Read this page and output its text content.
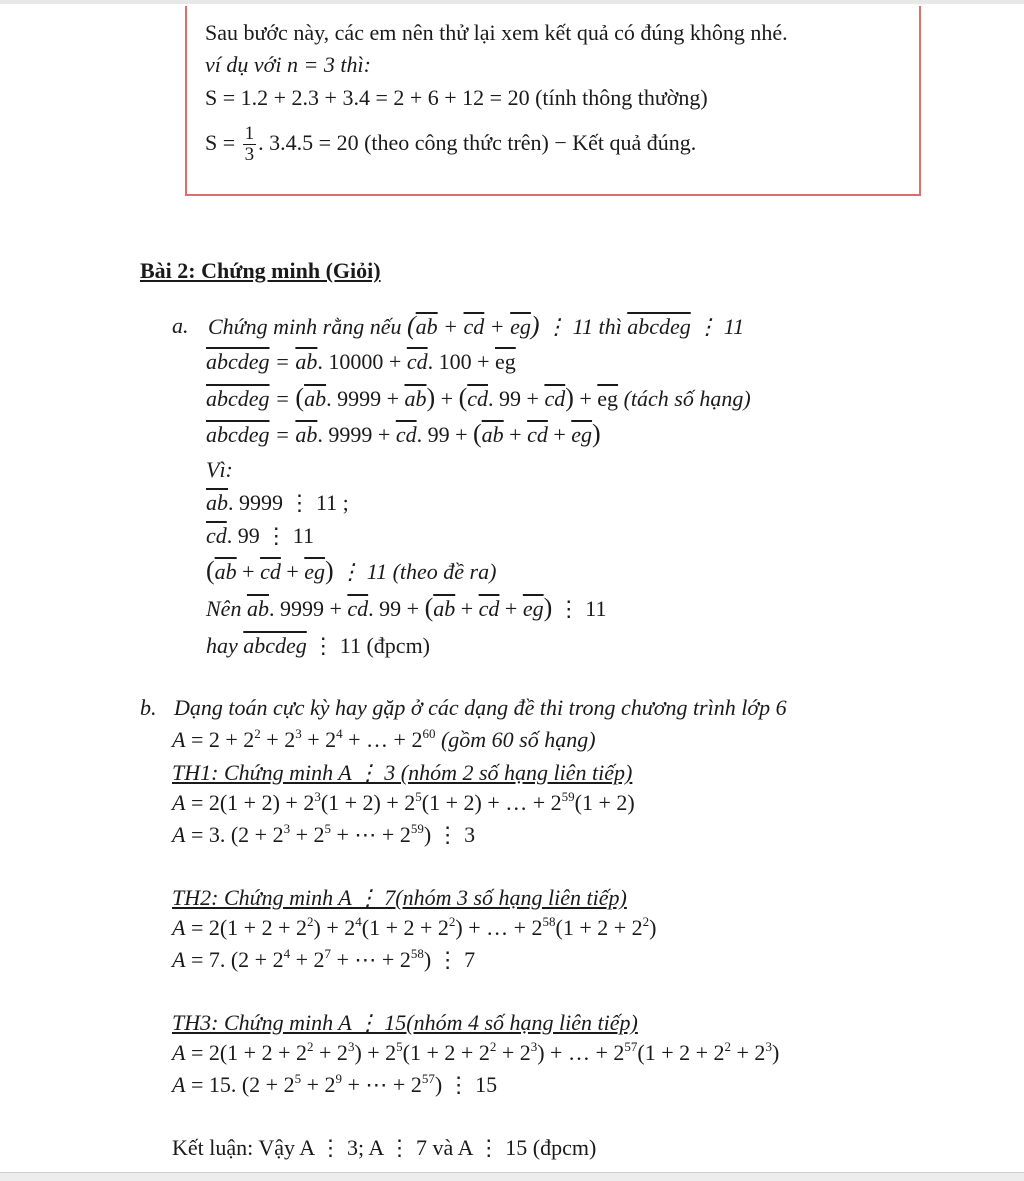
Sau bước này, các em nên thử lại xem kết quả có đúng không nhé.
ví dụ với n = 3 thì:
S = 1.2 + 2.3 + 3.4 = 2 + 6 + 12 = 20 (tính thông thường)
$S = \frac{1}{3}$ . 3.4.5 = 20 (theo công thức trên) − Kết quả đúng.
Bài 2: Chứng minh (Giỏi)
a. Chứng minh rằng nếu $(\overline{ab} + \overline{cd} + \overline{eg})$ ⋮ 11 thì abcdeg ⋮ 11
abcdeg = $\overline{ab}$. $10000 + \overline{cd}$. $100 + \overline{eg}$
abcdeg = ($\overline{ab}$. $9999 + \overline{ab}) + (\overline{cd}$. $99 + \overline{cd}) + \overline{eg}$ (tách số hạng)
abcdeg = $\overline{ab}$. $9999 + \overline{cd}$. $99 + (\overline{ab} + \overline{cd} + \overline{eg})$
Vì:
$\overline{ab}$. 9999 ⋮ 11 ;
$\overline{cd}$. 99 ⋮ 11
$(\overline{ab} + \overline{cd} + \overline{eg})$ ⋮ 11 (theo đề ra)
Nên $\overline{ab}$. $9999 + \overline{cd}$. $99 + (\overline{ab} + \overline{cd} + \overline{eg})$ ⋮ 11
hay abcdeg ⋮ 11 (đpcm)
b. Dạng toán cực kỳ hay gặp ở các dạng đề thi trong chương trình lớp 6
$A = 2 + 2^2 + 2^3 + 2^4$ + … + $2^{60}$ (gồm 60 số hạng)
TH1: Chứng minh A ⋮ 3 (nhóm 2 số hạng liên tiếp)
$A = 2(1 + 2) + 2^3(1 + 2) + 2^5(1 + 2)$ + … + $2^{59}(1 + 2)$
A = 3. ($2 + 2^3 + 2^5$ + ⋯ + $2^{59}$) ⋮ 3
TH2: Chứng minh A ⋮ 7(nhóm 3 số hạng liên tiếp)
$A = 2(1 + 2 + 2^2) + 2^4(1 + 2 + 2^2)$ + … + $2^{58}(1 + 2 + 2^2)$
A = 7. ($2 + 2^4 + 2^7$ + ⋯ + $2^{58}$) ⋮ 7
TH3: Chứng minh A ⋮ 15(nhóm 4 số hạng liên tiếp)
$A = 2(1 + 2 + 2^2 + 2^3) + 2^5(1 + 2 + 2^2 + 2^3)$ + … + $2^{57}(1 + 2 + 2^2 + 2^3)$
A = 15. ($2 + 2^5 + 2^9$ + ⋯ + $2^{57}$) ⋮ 15
Kết luận: Vậy A ⋮ 3; A ⋮ 7 và A ⋮ 15 (đpcm)
